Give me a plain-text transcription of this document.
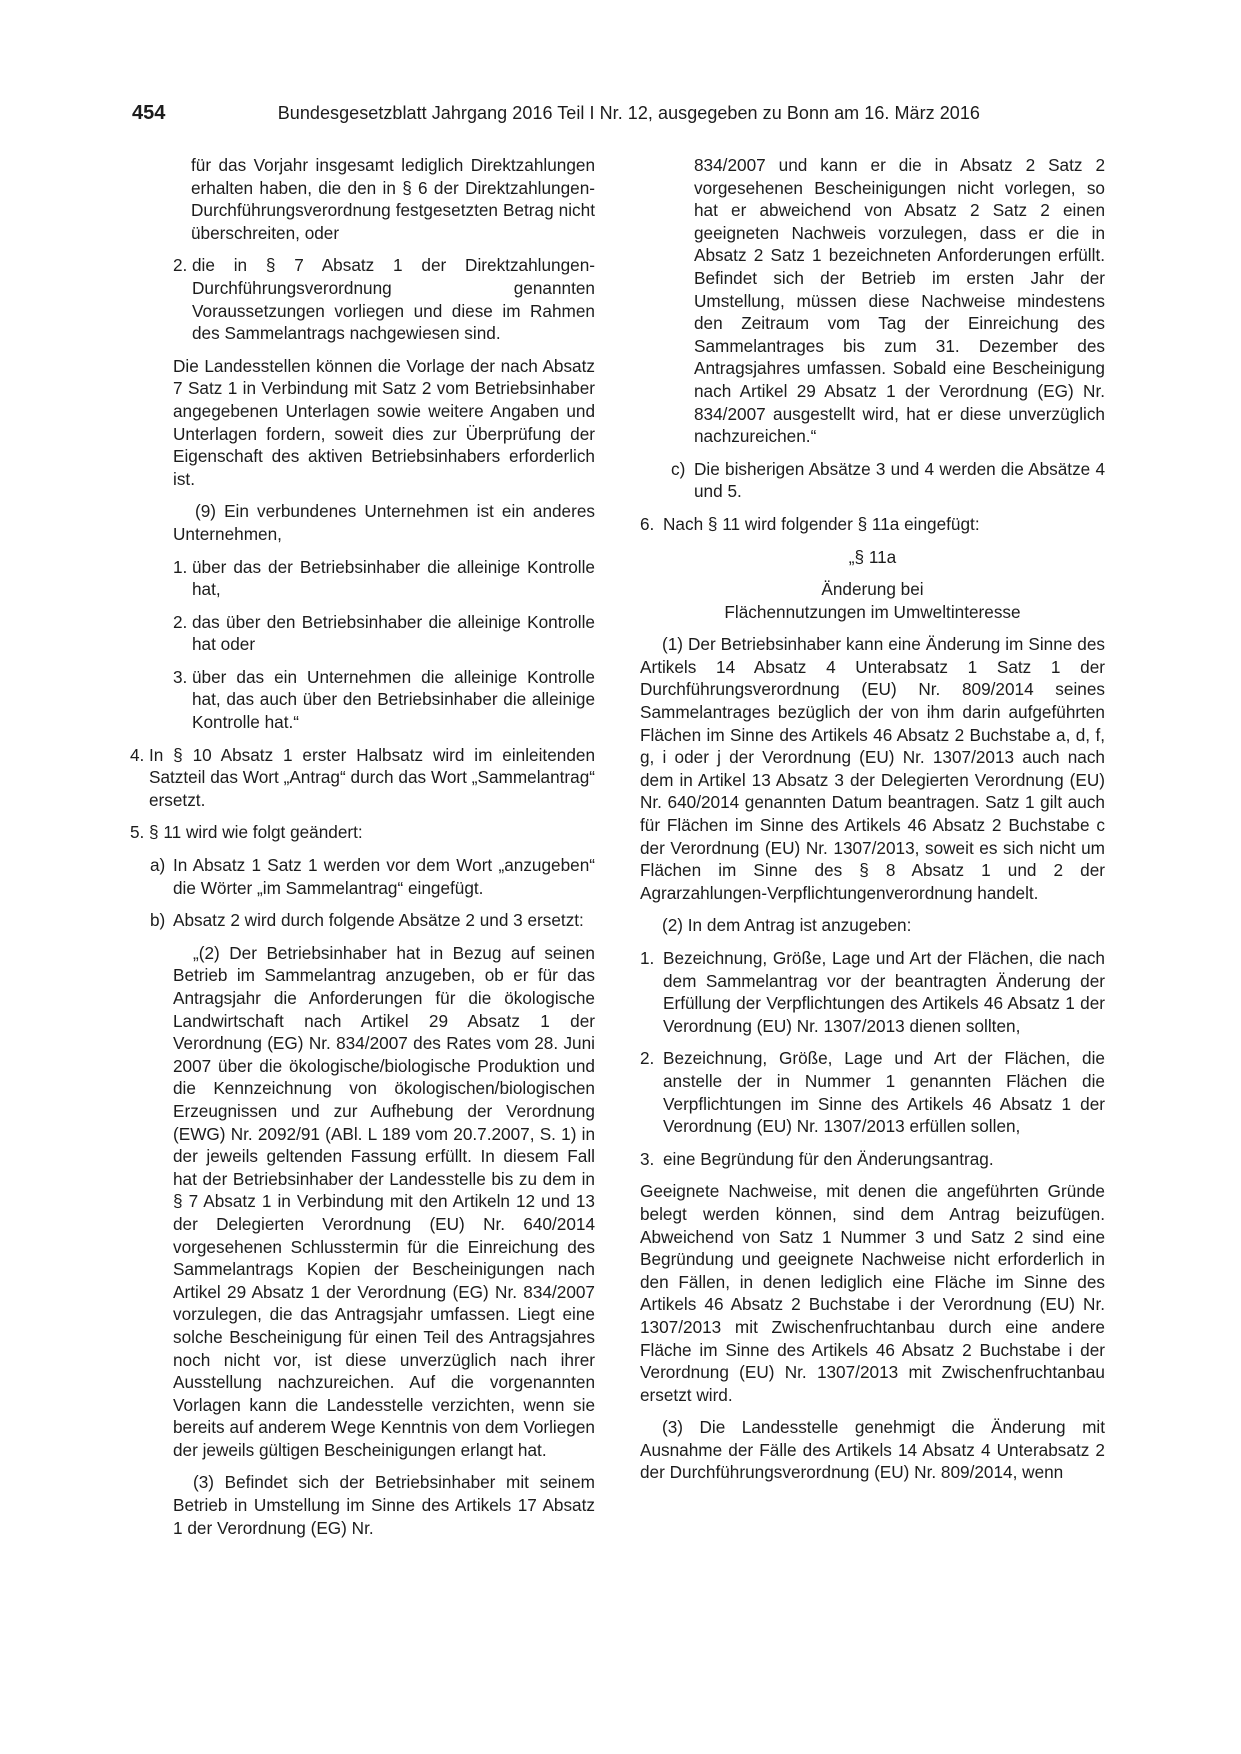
454	Bundesgesetzblatt Jahrgang 2016 Teil I Nr. 12, ausgegeben zu Bonn am 16. März 2016

für das Vorjahr insgesamt lediglich Direktzahlungen erhalten haben, die den in § 6 der Direktzahlungen-Durchführungsverordnung festgesetzten Betrag nicht überschreiten, oder

2. die in § 7 Absatz 1 der Direktzahlungen-Durchführungsverordnung genannten Voraussetzungen vorliegen und diese im Rahmen des Sammelantrags nachgewiesen sind.

Die Landesstellen können die Vorlage der nach Absatz 7 Satz 1 in Verbindung mit Satz 2 vom Betriebsinhaber angegebenen Unterlagen sowie weitere Angaben und Unterlagen fordern, soweit dies zur Überprüfung der Eigenschaft des aktiven Betriebsinhabers erforderlich ist.

(9) Ein verbundenes Unternehmen ist ein anderes Unternehmen,

1. über das der Betriebsinhaber die alleinige Kontrolle hat,
2. das über den Betriebsinhaber die alleinige Kontrolle hat oder
3. über das ein Unternehmen die alleinige Kontrolle hat, das auch über den Betriebsinhaber die alleinige Kontrolle hat.“
4. In § 10 Absatz 1 erster Halbsatz wird im einleitenden Satzteil das Wort „Antrag“ durch das Wort „Sammelantrag“ ersetzt.
5. § 11 wird wie folgt geändert:
a) In Absatz 1 Satz 1 werden vor dem Wort „anzugeben“ die Wörter „im Sammelantrag“ eingefügt.
b) Absatz 2 wird durch folgende Absätze 2 und 3 ersetzt:

„(2) Der Betriebsinhaber hat in Bezug auf seinen Betrieb im Sammelantrag anzugeben, ob er für das Antragsjahr die Anforderungen für die ökologische Landwirtschaft nach Artikel 29 Absatz 1 der Verordnung (EG) Nr. 834/2007 des Rates vom 28. Juni 2007 über die ökologische/biologische Produktion und die Kennzeichnung von ökologischen/biologischen Erzeugnissen und zur Aufhebung der Verordnung (EWG) Nr. 2092/91 (ABl. L 189 vom 20.7.2007, S. 1) in der jeweils geltenden Fassung erfüllt. In diesem Fall hat der Betriebsinhaber der Landesstelle bis zu dem in § 7 Absatz 1 in Verbindung mit den Artikeln 12 und 13 der Delegierten Verordnung (EU) Nr. 640/2014 vorgesehenen Schlusstermin für die Einreichung des Sammelantrags Kopien der Bescheinigungen nach Artikel 29 Absatz 1 der Verordnung (EG) Nr. 834/2007 vorzulegen, die das Antragsjahr umfassen. Liegt eine solche Bescheinigung für einen Teil des Antragsjahres noch nicht vor, ist diese unverzüglich nach ihrer Ausstellung nachzureichen. Auf die vorgenannten Vorlagen kann die Landesstelle verzichten, wenn sie bereits auf anderem Wege Kenntnis von dem Vorliegen der jeweils gültigen Bescheinigungen erlangt hat.

(3) Befindet sich der Betriebsinhaber mit seinem Betrieb in Umstellung im Sinne des Artikels 17 Absatz 1 der Verordnung (EG) Nr.

834/2007 und kann er die in Absatz 2 Satz 2 vorgesehenen Bescheinigungen nicht vorlegen, so hat er abweichend von Absatz 2 Satz 2 einen geeigneten Nachweis vorzulegen, dass er die in Absatz 2 Satz 1 bezeichneten Anforderungen erfüllt. Befindet sich der Betrieb im ersten Jahr der Umstellung, müssen diese Nachweise mindestens den Zeitraum vom Tag der Einreichung des Sammelantrages bis zum 31. Dezember des Antragsjahres umfassen. Sobald eine Bescheinigung nach Artikel 29 Absatz 1 der Verordnung (EG) Nr. 834/2007 ausgestellt wird, hat er diese unverzüglich nachzureichen.“

c) Die bisherigen Absätze 3 und 4 werden die Absätze 4 und 5.
6. Nach § 11 wird folgender § 11a eingefügt:

„§ 11a

Änderung bei

Flächennutzungen im Umweltinteresse

(1) Der Betriebsinhaber kann eine Änderung im Sinne des Artikels 14 Absatz 4 Unterabsatz 1 Satz 1 der Durchführungsverordnung (EU) Nr. 809/2014 seines Sammelantrages bezüglich der von ihm darin aufgeführten Flächen im Sinne des Artikels 46 Absatz 2 Buchstabe a, d, f, g, i oder j der Verordnung (EU) Nr. 1307/2013 auch nach dem in Artikel 13 Absatz 3 der Delegierten Verordnung (EU) Nr. 640/2014 genannten Datum beantragen. Satz 1 gilt auch für Flächen im Sinne des Artikels 46 Absatz 2 Buchstabe c der Verordnung (EU) Nr. 1307/2013, soweit es sich nicht um Flächen im Sinne des § 8 Absatz 1 und 2 der Agrarzahlungen-Verpflichtungenverordnung handelt.

(2) In dem Antrag ist anzugeben:

1. Bezeichnung, Größe, Lage und Art der Flächen, die nach dem Sammelantrag vor der beantragten Änderung der Erfüllung der Verpflichtungen des Artikels 46 Absatz 1 der Verordnung (EU) Nr. 1307/2013 dienen sollten,
2. Bezeichnung, Größe, Lage und Art der Flächen, die anstelle der in Nummer 1 genannten Flächen die Verpflichtungen im Sinne des Artikels 46 Absatz 1 der Verordnung (EU) Nr. 1307/2013 erfüllen sollen,
3. eine Begründung für den Änderungsantrag.

Geeignete Nachweise, mit denen die angeführten Gründe belegt werden können, sind dem Antrag beizufügen. Abweichend von Satz 1 Nummer 3 und Satz 2 sind eine Begründung und geeignete Nachweise nicht erforderlich in den Fällen, in denen lediglich eine Fläche im Sinne des Artikels 46 Absatz 2 Buchstabe i der Verordnung (EU) Nr. 1307/2013 mit Zwischenfruchtanbau durch eine andere Fläche im Sinne des Artikels 46 Absatz 2 Buchstabe i der Verordnung (EU) Nr. 1307/2013 mit Zwischenfruchtanbau ersetzt wird.

(3) Die Landesstelle genehmigt die Änderung mit Ausnahme der Fälle des Artikels 14 Absatz 4 Unterabsatz 2 der Durchführungsverordnung (EU) Nr. 809/2014, wenn
